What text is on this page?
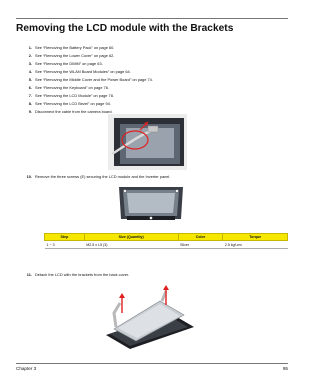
Removing the LCD module with the Brackets
1. See “Removing the Battery Pack” on page 60.
2. See “Removing the Lower Cover” on page 62.
3. See “Removing the DIMM” on page 63.
4. See “Removing the WLAN Board Modules” on page 64.
5. See “Removing the Middle Cover and the Power Board” on page 74.
6. See “Removing the Keyboard” on page 76.
7. See “Removing the LCD Module” on page 78.
8. See “Removing the LCD Bezel” on page 94.
9. Disconnect the cable from the camera board.
10. Remove the three screws (E) securing the LCD module and the Inverter panel.
11. Detach the LCD with the brackets from the back cover.
Step	Size (Quantity)	Color	Torque
1 ~ 3	M2.5 x L5 (3)	Silver	2.5 kgf-cm
Chapter 3	95
